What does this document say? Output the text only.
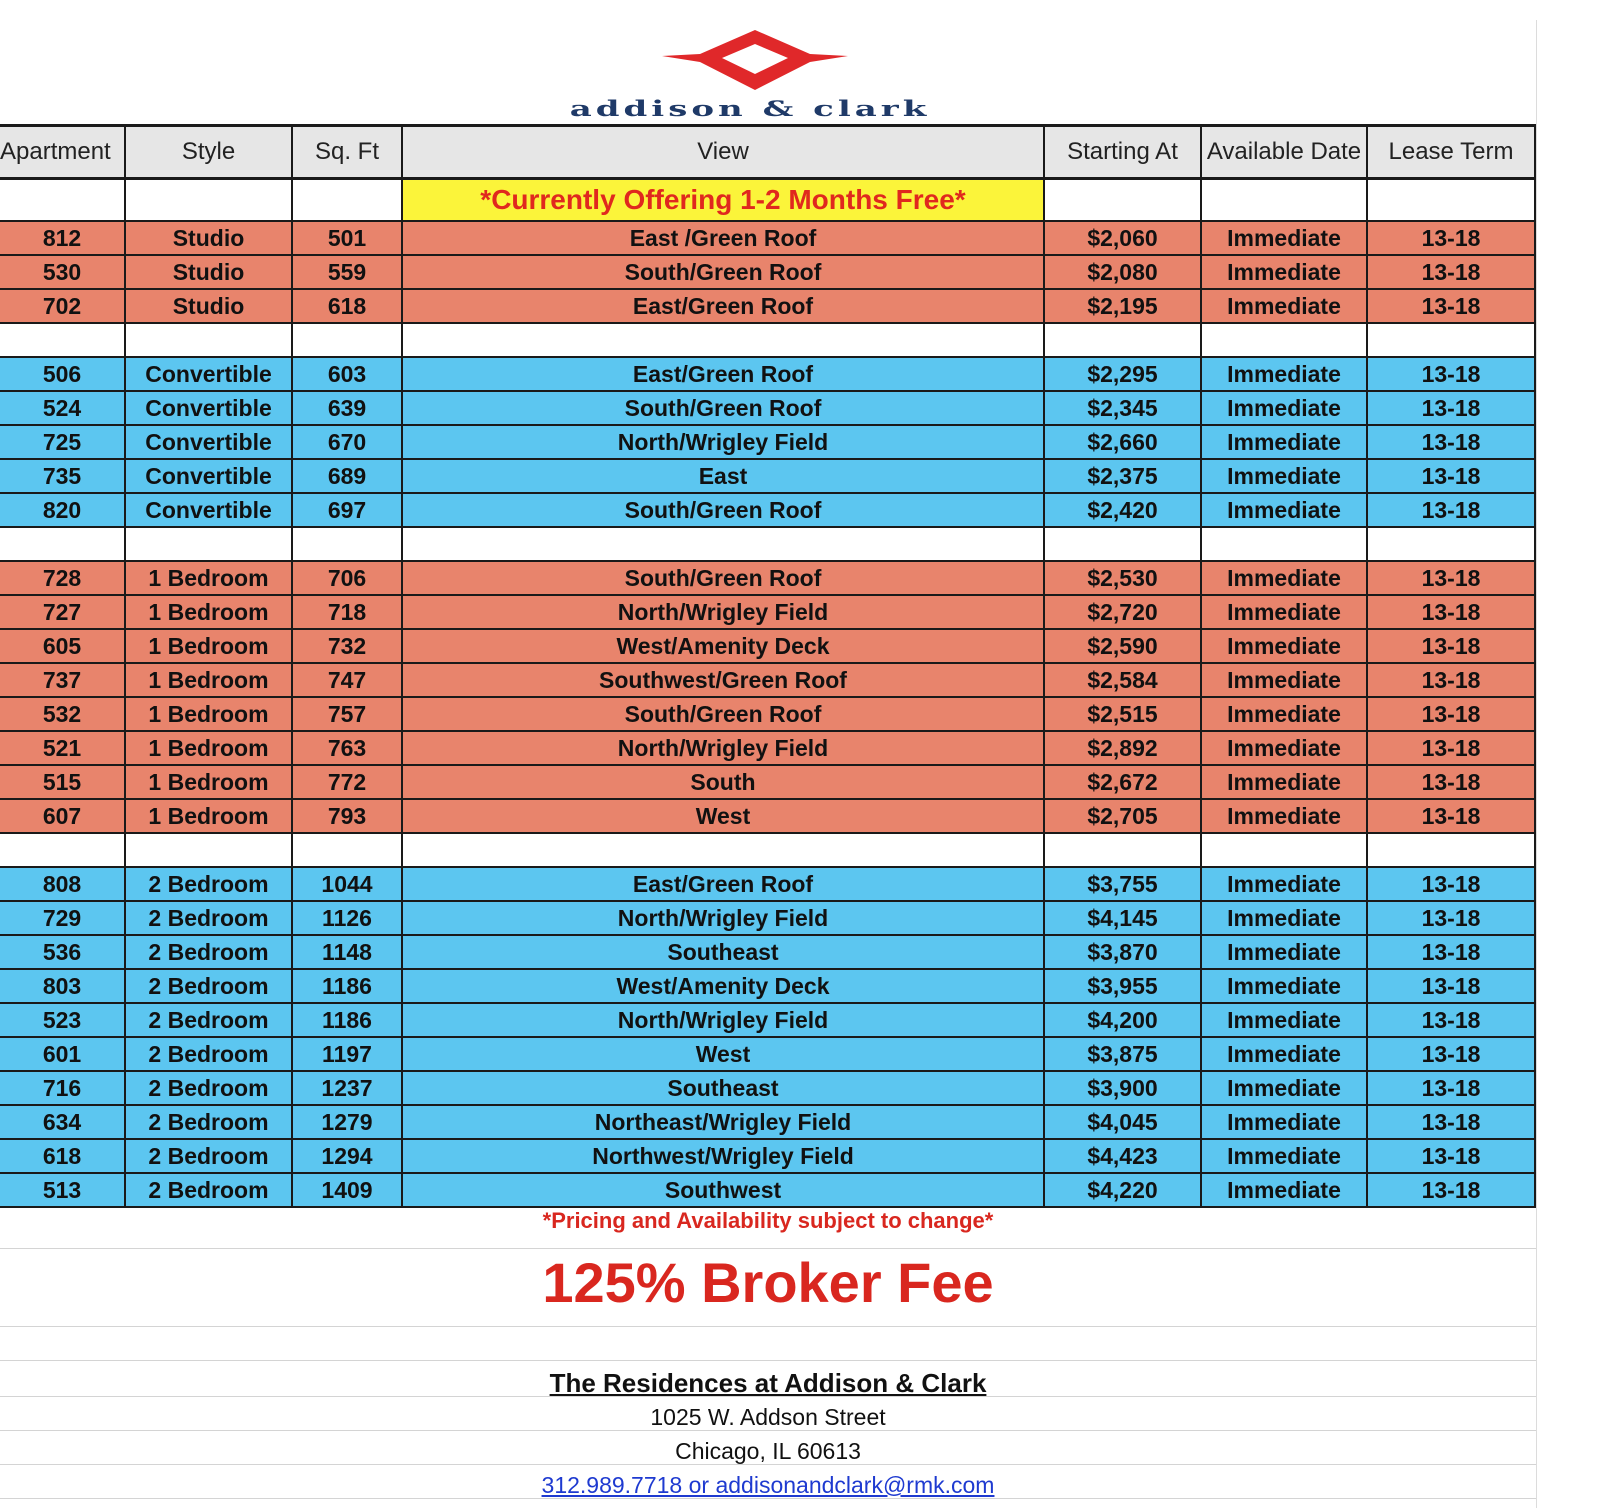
addison & clark
Apartment	Style	Sq. Ft	View	Starting At	Available Date	Lease Term
*Currently Offering 1-2 Months Free*
812	Studio	501	East /Green Roof	$2,060	Immediate	13-18
530	Studio	559	South/Green Roof	$2,080	Immediate	13-18
702	Studio	618	East/Green Roof	$2,195	Immediate	13-18
506	Convertible	603	East/Green Roof	$2,295	Immediate	13-18
524	Convertible	639	South/Green Roof	$2,345	Immediate	13-18
725	Convertible	670	North/Wrigley Field	$2,660	Immediate	13-18
735	Convertible	689	East	$2,375	Immediate	13-18
820	Convertible	697	South/Green Roof	$2,420	Immediate	13-18
728	1 Bedroom	706	South/Green Roof	$2,530	Immediate	13-18
727	1 Bedroom	718	North/Wrigley Field	$2,720	Immediate	13-18
605	1 Bedroom	732	West/Amenity Deck	$2,590	Immediate	13-18
737	1 Bedroom	747	Southwest/Green Roof	$2,584	Immediate	13-18
532	1 Bedroom	757	South/Green Roof	$2,515	Immediate	13-18
521	1 Bedroom	763	North/Wrigley Field	$2,892	Immediate	13-18
515	1 Bedroom	772	South	$2,672	Immediate	13-18
607	1 Bedroom	793	West	$2,705	Immediate	13-18
808	2 Bedroom	1044	East/Green Roof	$3,755	Immediate	13-18
729	2 Bedroom	1126	North/Wrigley Field	$4,145	Immediate	13-18
536	2 Bedroom	1148	Southeast	$3,870	Immediate	13-18
803	2 Bedroom	1186	West/Amenity Deck	$3,955	Immediate	13-18
523	2 Bedroom	1186	North/Wrigley Field	$4,200	Immediate	13-18
601	2 Bedroom	1197	West	$3,875	Immediate	13-18
716	2 Bedroom	1237	Southeast	$3,900	Immediate	13-18
634	2 Bedroom	1279	Northeast/Wrigley Field	$4,045	Immediate	13-18
618	2 Bedroom	1294	Northwest/Wrigley Field	$4,423	Immediate	13-18
513	2 Bedroom	1409	Southwest	$4,220	Immediate	13-18
*Pricing and Availability subject to change*
125% Broker Fee
The Residences at Addison & Clark
1025 W. Addson Street
Chicago, IL 60613
312.989.7718 or addisonandclark@rmk.com
